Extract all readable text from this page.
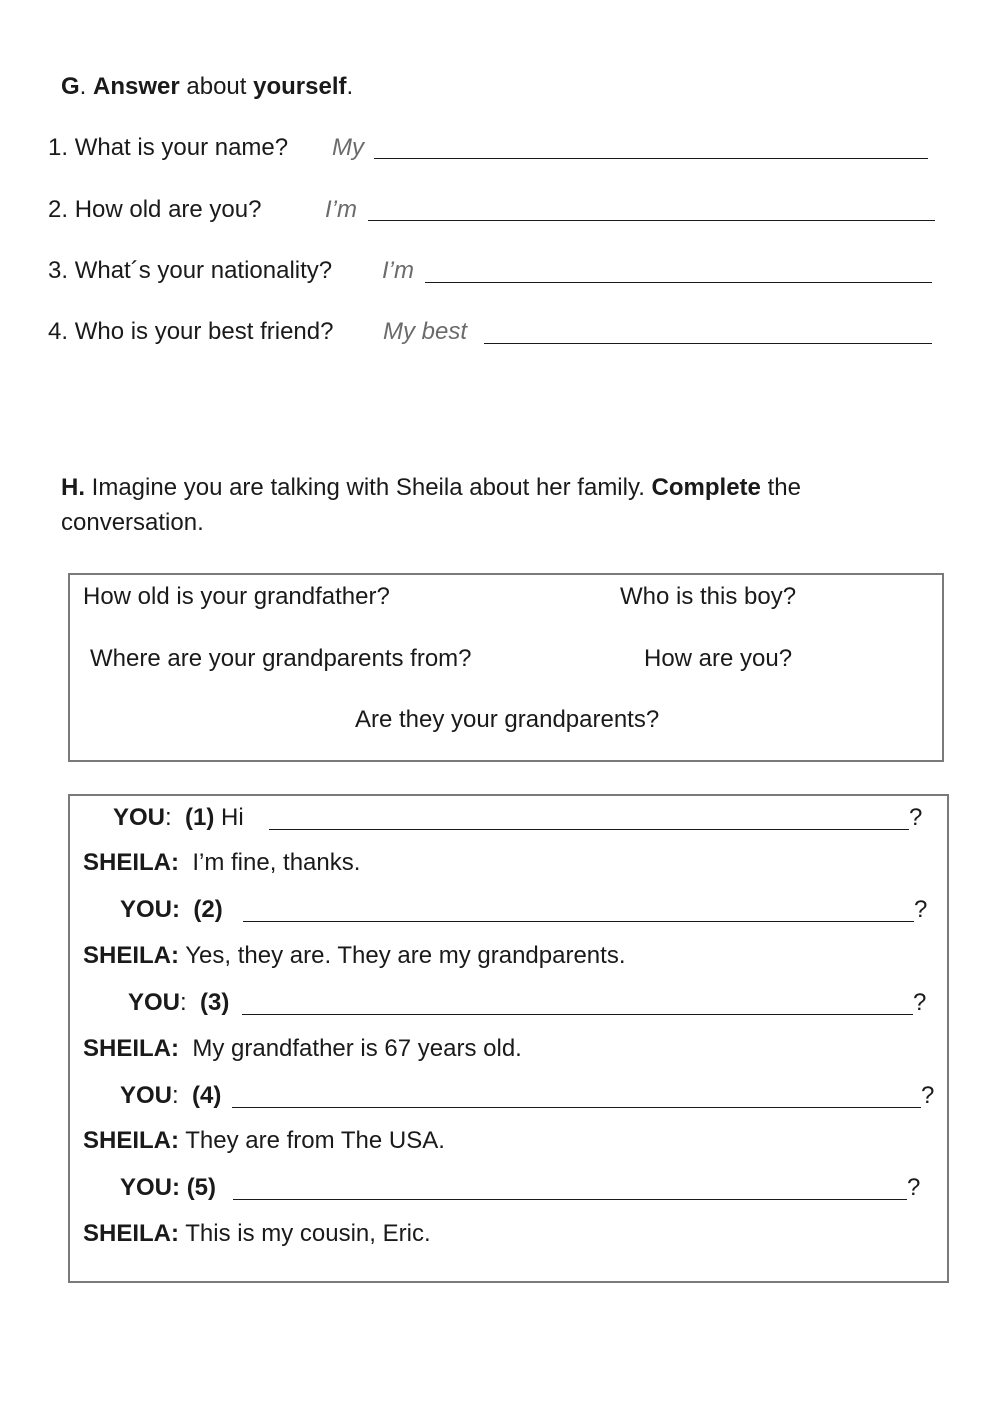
G. Answer about yourself.
1. What is your name? My
2. How old are you?	I’m
3. What´s your nationality? I’m
4. Who is your best friend? My best
H. Imagine you are talking with Sheila about her family. Complete the
conversation.
How old is your grandfather?	Who is this boy?
Where are your grandparents from?	How are you?
Are they your grandparents?
YOU:  (1) Hi	?
SHEILA: I’m fine, thanks.
YOU: (2)	?
SHEILA: Yes, they are. They are my grandparents.
YOU:  (3)	?
SHEILA: My grandfather is 67 years old.
YOU:  (4)	?
SHEILA: They are from The USA.
YOU: (5)	?
SHEILA: This is my cousin, Eric.
